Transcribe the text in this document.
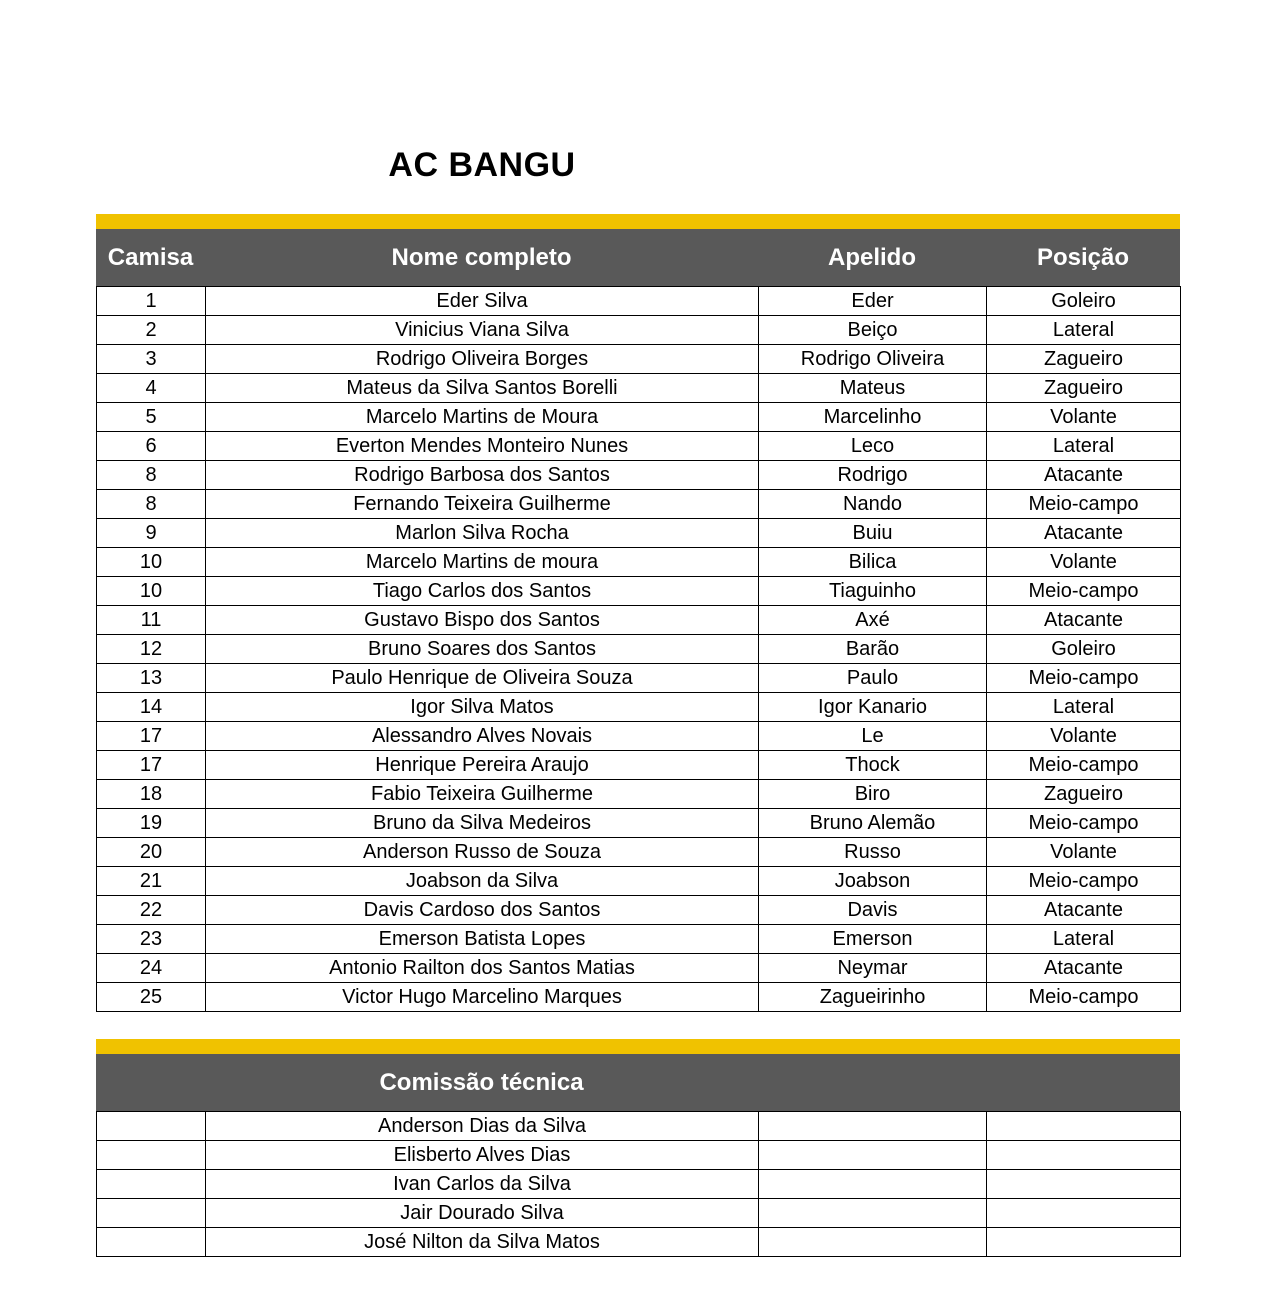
AC BANGU
Camisa	Nome completo	Apelido	Posição
1	Eder Silva	Eder	Goleiro
2	Vinicius Viana Silva	Beiço	Lateral
3	Rodrigo Oliveira Borges	Rodrigo Oliveira	Zagueiro
4	Mateus da Silva Santos Borelli	Mateus	Zagueiro
5	Marcelo Martins de Moura	Marcelinho	Volante
6	Everton Mendes Monteiro Nunes	Leco	Lateral
8	Rodrigo Barbosa dos Santos	Rodrigo	Atacante
8	Fernando Teixeira Guilherme	Nando	Meio-campo
9	Marlon Silva Rocha	Buiu	Atacante
10	Marcelo Martins de moura	Bilica	Volante
10	Tiago Carlos dos Santos	Tiaguinho	Meio-campo
11	Gustavo Bispo dos Santos	Axé	Atacante
12	Bruno Soares dos Santos	Barão	Goleiro
13	Paulo Henrique de Oliveira Souza	Paulo	Meio-campo
14	Igor Silva Matos	Igor Kanario	Lateral
17	Alessandro Alves Novais	Le	Volante
17	Henrique Pereira Araujo	Thock	Meio-campo
18	Fabio Teixeira Guilherme	Biro	Zagueiro
19	Bruno da Silva Medeiros	Bruno Alemão	Meio-campo
20	Anderson Russo de Souza	Russo	Volante
21	Joabson da Silva	Joabson	Meio-campo
22	Davis Cardoso dos Santos	Davis	Atacante
23	Emerson Batista Lopes	Emerson	Lateral
24	Antonio Railton dos Santos Matias	Neymar	Atacante
25	Victor Hugo Marcelino Marques	Zagueirinho	Meio-campo
Comissão técnica
	Anderson Dias da Silva		
	Elisberto Alves Dias		
	Ivan Carlos da Silva		
	Jair Dourado Silva		
	José Nilton da Silva Matos		
